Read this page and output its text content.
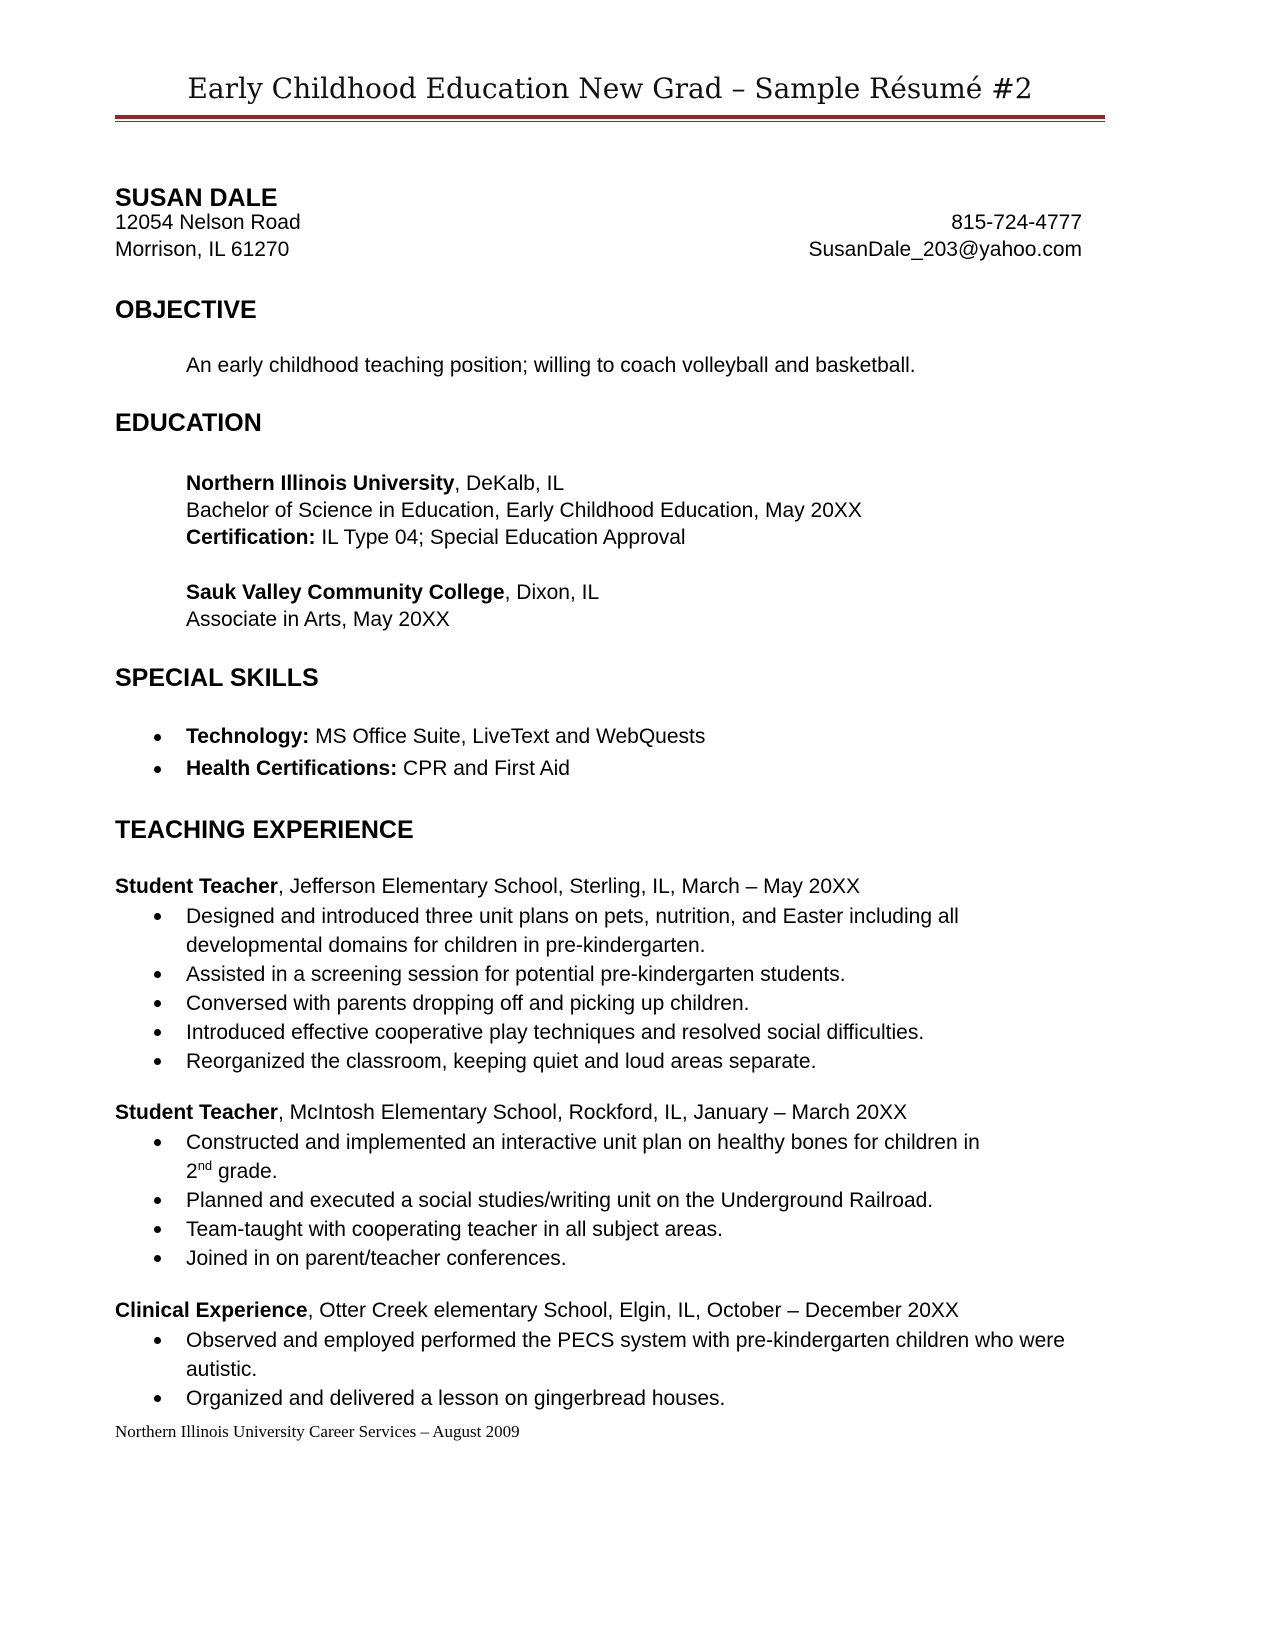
Early Childhood Education New Grad – Sample Résumé #2
SUSAN DALE
12054 Nelson Road
Morrison, IL 61270
815-724-4777
SusanDale_203@yahoo.com
OBJECTIVE
An early childhood teaching position; willing to coach volleyball and basketball.
EDUCATION
Northern Illinois University, DeKalb, IL
Bachelor of Science in Education, Early Childhood Education, May 20XX
Certification: IL Type 04; Special Education Approval
Sauk Valley Community College, Dixon, IL
Associate in Arts, May 20XX
SPECIAL SKILLS
Technology: MS Office Suite, LiveText and WebQuests
Health Certifications: CPR and First Aid
TEACHING EXPERIENCE
Student Teacher, Jefferson Elementary School, Sterling, IL, March – May 20XX
Designed and introduced three unit plans on pets, nutrition, and Easter including all developmental domains for children in pre-kindergarten.
Assisted in a screening session for potential pre-kindergarten students.
Conversed with parents dropping off and picking up children.
Introduced effective cooperative play techniques and resolved social difficulties.
Reorganized the classroom, keeping quiet and loud areas separate.
Student Teacher, McIntosh Elementary School, Rockford, IL, January – March 20XX
Constructed and implemented an interactive unit plan on healthy bones for children in
2nd grade.
Planned and executed a social studies/writing unit on the Underground Railroad.
Team-taught with cooperating teacher in all subject areas.
Joined in on parent/teacher conferences.
Clinical Experience, Otter Creek elementary School, Elgin, IL, October – December 20XX
Observed and employed performed the PECS system with pre-kindergarten children who were autistic.
Organized and delivered a lesson on gingerbread houses.
Northern Illinois University Career Services – August 2009
